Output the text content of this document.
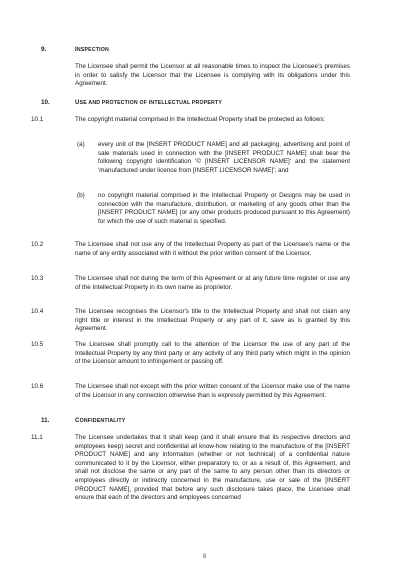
9.	INSPECTION
The Licensee shall permit the Licensor at all reasonable times to inspect the Licensee's premises in order to satisfy the Licensor that the Licensee is complying with its obligations under this Agreement.
10.	USE AND PROTECTION OF INTELLECTUAL PROPERTY
10.1	The copyright material comprised in the Intellectual Property shall be protected as follows:
(a) every unit of the [INSERT PRODUCT NAME] and all packaging, advertising and point of sale materials used in connection with the [INSERT PRODUCT NAME] shall bear the following copyright identification '© [INSERT LICENSOR NAME]' and the statement 'manufactured under licence from [INSERT LICENSOR NAME]'; and
(b) no copyright material comprised in the Intellectual Property or Designs may be used in connection with the manufacture, distribution, or marketing of any goods other than the [INSERT PRODUCT NAME] (or any other products produced pursuant to this Agreement) for which the use of such material is specified.
10.2	The Licensee shall not use any of the Intellectual Property as part of the Licensee's name or the name of any entity associated with it without the prior written consent of the Licensor.
10.3	The Licensee shall not during the term of this Agreement or at any future time register or use any of the Intellectual Property in its own name as proprietor.
10.4	The Licensee recognises the Licensor's title to the Intellectual Property and shall not claim any right title or interest in the Intellectual Property or any part of it, save as is granted by this Agreement.
10.5	The Licensee shall promptly call to the attention of the Licensor the use of any part of the Intellectual Property by any third party or any activity of any third party which might in the opinion of the Licensor amount to infringement or passing off.
10.6	The Licensee shall not except with the prior written consent of the Licensor make use of the name of the Licensor in any connection otherwise than is expressly permitted by this Agreement.
11.	CONFIDENTIALITY
11.1	The Licensee undertakes that it shall keep (and it shall ensure that its respective directors and employees keep) secret and confidential all know-how relating to the manufacture of the [INSERT PRODUCT NAME] and any information (whether or not technical) of a confidential nature communicated to it by the Licensor, either preparatory to, or as a result of, this Agreement, and shall not disclose the same or any part of the same to any person other than its directors or employees directly or indirectly concerned in the manufacture, use or sale of the [INSERT PRODUCT NAME], provided that before any such disclosure takes place, the Licensee shall ensure that each of the directors and employees concerned
8
